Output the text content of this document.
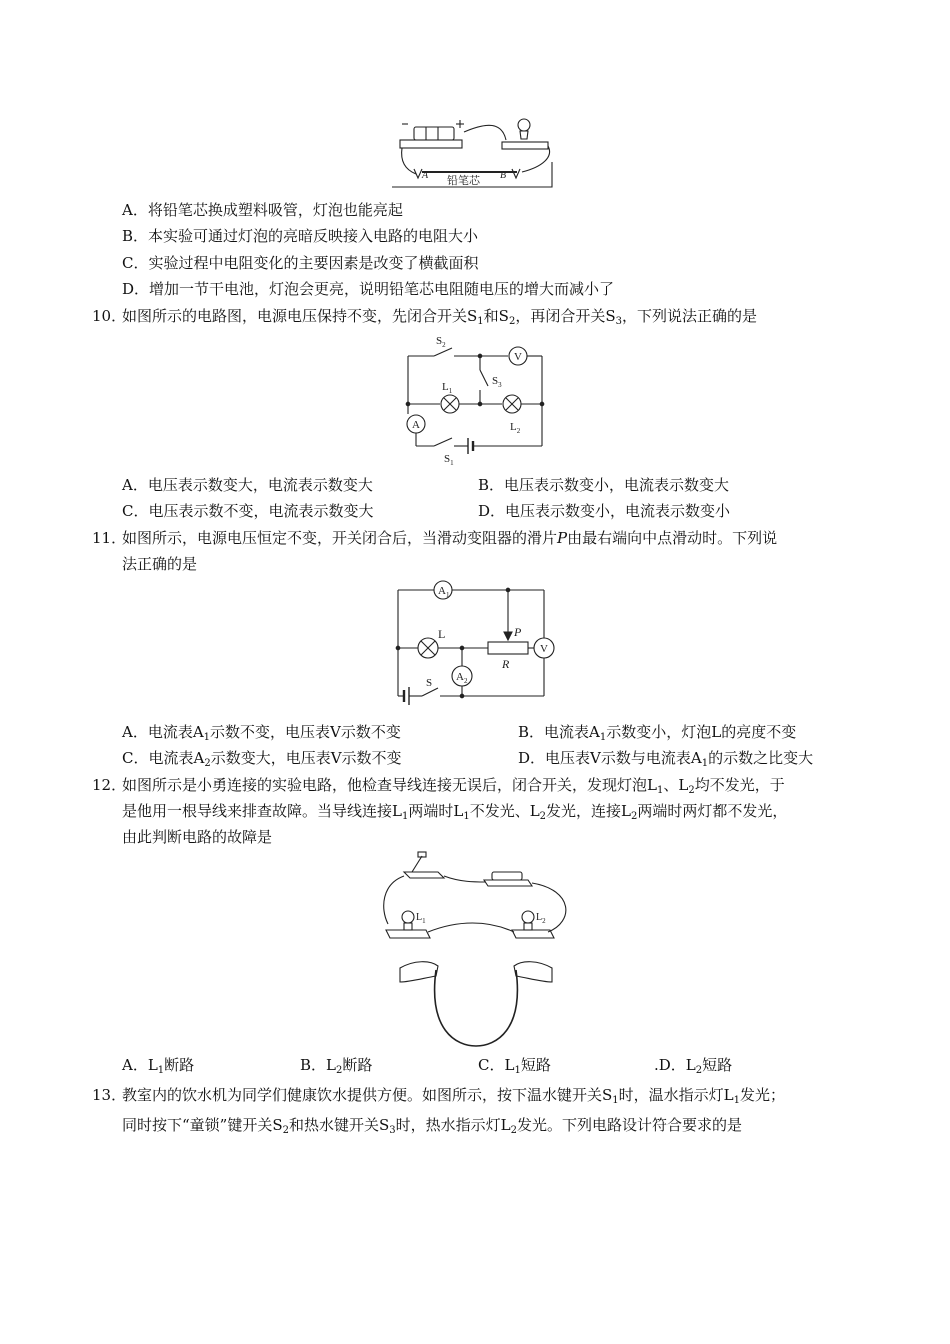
A	B
铅笔芯
A．将铅笔芯换成塑料吸管，灯泡也能亮起
B．本实验可通过灯泡的亮暗反映接入电路的电阻大小
C．实验过程中电阻变化的主要因素是改变了横截面积
D．增加一节干电池，灯泡会更亮，说明铅笔芯电阻随电压的增大而减小了
10．
如图所示的电路图，电源电压保持不变，先闭合开关$S_1$和$S_2$，再闭合开关$S_3$，下列说法正确的是
$S_2$
V
$S_3$
$L_1$
$L_2$
A
$S_1$
A．电压表示数变大，电流表示数变大	B．电压表示数变小，电流表示数变大
C．电压表示数不变，电流表示数变大	D．电压表示数变小，电流表示数变小
11．
如图所示，电源电压恒定不变，开关闭合后，当滑动变阻器的滑片P由最右端向中点滑动时。下列说
法正确的是
$A_1$
L	P
R
V
$A_2$
S
A．电流表$A_1$示数不变，电压表V示数不变	B．电流表$A_1$示数变小，灯泡L的亮度不变
C．电流表$A_2$示数变大，电压表V示数不变	D．电压表V示数与电流表$A_1$的示数之比变大
12．
如图所示是小勇连接的实验电路，他检查导线连接无误后，闭合开关，发现灯泡$L_1$、$L_2$均不发光，于
是他用一根导线来排查故障。当导线连接$L_1$两端时$L_1$不发光、$L_2$发光，连接$L_2$两端时两灯都不发光，
由此判断电路的故障是
$L_1$	$L_2$
A．$L_1$断路	B．$L_2$断路	C．$L_1$短路	.D．$L_2$短路
13．
教室内的饮水机为同学们健康饮水提供方便。如图所示，按下温水键开关$S_1$时，温水指示灯$L_1$发光；
同时按下“童锁”键开关$S_2$和热水键开关$S_3$时，热水指示灯$L_2$发光。下列电路设计符合要求的是
